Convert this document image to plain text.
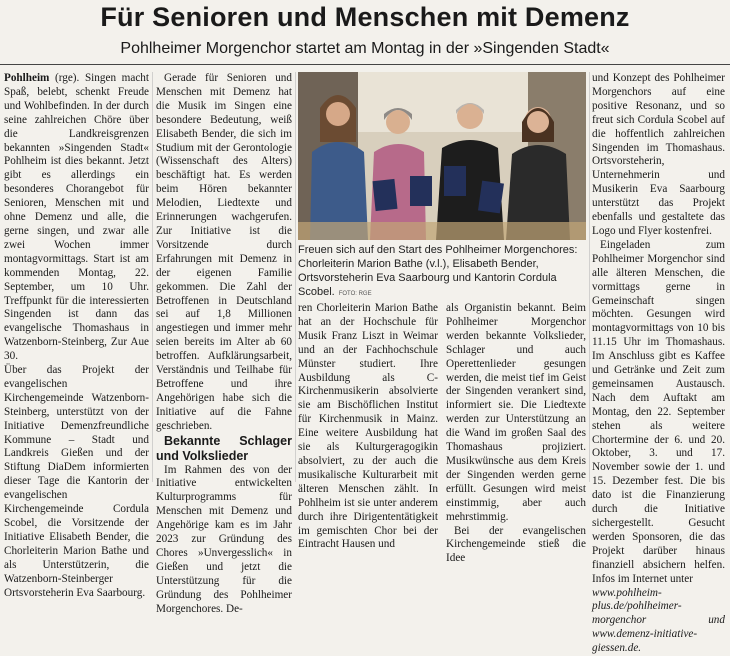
Für Senioren und Menschen mit Demenz
Pohlheimer Morgenchor startet am Montag in der »Singenden Stadt«

Pohlheim (rge). Singen macht Spaß, belebt, schenkt Freude und Wohlbefinden. In der durch seine zahlreichen Chöre über die Landkreisgrenzen bekannten »Singenden Stadt« Pohlheim ist dies bekannt. Jetzt gibt es allerdings ein besonderes Chorangebot für Senioren, Menschen mit und ohne Demenz und alle, die gerne singen, und zwar alle zwei Wochen immer montagvormittags. Start ist am kommenden Montag, 22. September, um 10 Uhr. Treffpunkt für die interessierten Singenden ist dann das evangelische Thomashaus in Watzenborn-Steinberg, Zur Aue 30.

Über das Projekt der evangelischen Kirchengemeinde Watzenborn-Steinberg, unterstützt von der Initiative Demenzfreundliche Kommune – Stadt und Landkreis Gießen und der Stiftung DiaDem informierten dieser Tage die Kantorin der evangelischen Kirchengemeinde Cordula Scobel, die Vorsitzende der Initiative Elisabeth Bender, die Chorleiterin Marion Bathe und als Unterstützerin, die Watzenborn-Steinberger Ortsvorsteherin Eva Saarbourg.

Gerade für Senioren und Menschen mit Demenz hat die Musik im Singen eine besondere Bedeutung, weiß Elisabeth Bender, die sich im Studium mit der Gerontologie (Wissenschaft des Alters) beschäftigt hat. Es werden beim Hören bekannter Melodien, Liedtexte und Erinnerungen wachgerufen. Zur Initiative ist die Vorsitzende durch Erfahrungen mit Demenz in der eigenen Familie gekommen. Die Zahl der Betroffenen in Deutschland sei auf 1,8 Millionen angestiegen und immer mehr seien bereits im Alter ab 60 betroffen. Aufklärungsarbeit, Verständnis und Teilhabe für Betroffene und ihre Angehörigen habe sich die Initiative auf die Fahne geschrieben.

Bekannte Schlager und Volkslieder

Im Rahmen des von der Initiative entwickelten Kulturprogramms für Menschen mit Demenz und Angehörige kam es im Jahr 2023 zur Gründung des Chores »Unvergesslich« in Gießen und jetzt die Unterstützung für die Gründung des Pohlheimer Morgenchores. De-

Freuen sich auf den Start des Pohlheimer Morgenchores: Chorleiterin Marion Bathe (v.l.), Elisabeth Bender, Ortsvorsteherin Eva Saarbourg und Kantorin Cordula Scobel. FOTO: RGE

ren Chorleiterin Marion Bathe hat an der Hochschule für Musik Franz Liszt in Weimar und an der Fachhochschule Münster studiert. Ihre Ausbildung als C-Kirchenmusikerin absolvierte sie am Bischöflichen Institut für Kirchenmusik in Mainz. Eine weitere Ausbildung hat sie als Kulturgeragogikin absolviert, zu der auch die musikalische Kulturarbeit mit älteren Menschen zählt. In Pohlheim ist sie unter anderem durch ihre Dirigententätigkeit im gemischten Chor bei der Eintracht Hausen und

als Organistin bekannt. Beim Pohlheimer Morgenchor werden bekannte Volkslieder, Schlager und auch Operettenlieder gesungen werden, die meist tief im Geist der Singenden verankert sind, informiert sie. Die Liedtexte werden zur Unterstützung an die Wand im großen Saal des Thomashaus projiziert. Musikwünsche aus dem Kreis der Singenden werden gerne erfüllt. Gesungen wird meist einstimmig, aber auch mehrstimmig.

Bei der evangelischen Kirchengemeinde stieß die Idee

und Konzept des Pohlheimer Morgenchors auf eine positive Resonanz, und so freut sich Cordula Scobel auf die hoffentlich zahlreichen Singenden im Thomashaus. Ortsvorsteherin, Unternehmerin und Musikerin Eva Saarbourg unterstützt das Projekt ebenfalls und gestaltete das Logo und Flyer kostenfrei.

Eingeladen zum Pohlheimer Morgenchor sind alle älteren Menschen, die vormittags gerne in Gemeinschaft singen möchten. Gesungen wird montagvormittags von 10 bis 11.15 Uhr im Thomashaus. Im Anschluss gibt es Kaffee und Getränke und Zeit zum gemeinsamen Austausch. Nach dem Auftakt am Montag, den 22. September stehen als weitere Chortermine der 6. und 20. Oktober, 3. und 17. November sowie der 1. und 15. Dezember fest. Die bis dato ist die Finanzierung durch die Initiative sichergestellt. Gesucht werden Sponsoren, die das Projekt darüber hinaus finanziell absichern helfen. Infos im Internet unter

www.pohlheim-plus.de/pohlheimer-morgenchor und www.demenz-initiative-giessen.de.
